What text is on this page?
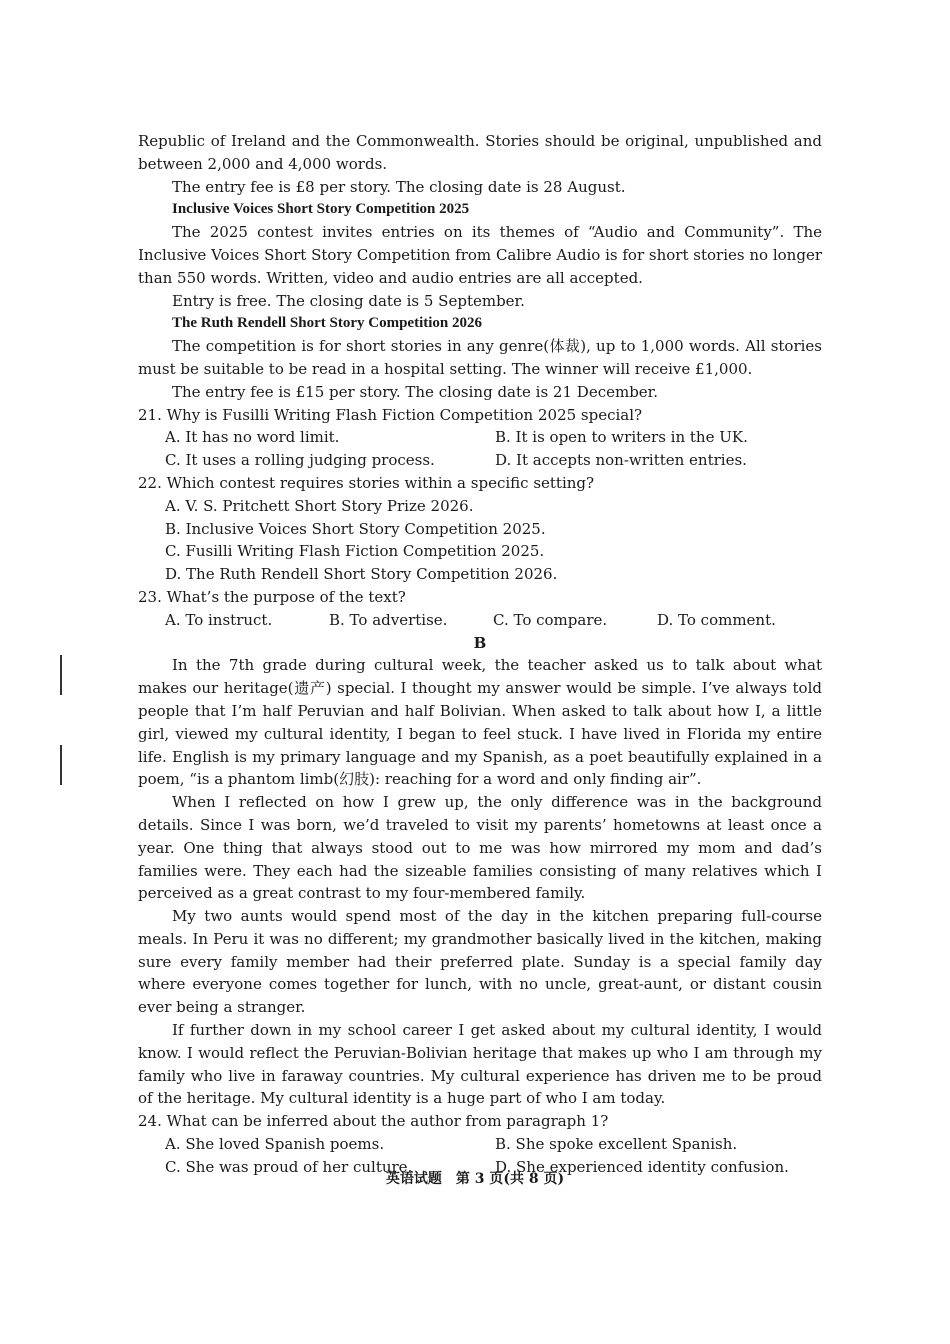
Republic of Ireland and the Commonwealth. Stories should be original, unpublished and between 2,000 and 4,000 words.

The entry fee is £8 per story. The closing date is 28 August.

Inclusive Voices Short Story Competition 2025

The 2025 contest invites entries on its themes of “Audio and Community”. The Inclusive Voices Short Story Competition from Calibre Audio is for short stories no longer than 550 words. Written, video and audio entries are all accepted.

Entry is free. The closing date is 5 September.

The Ruth Rendell Short Story Competition 2026

The competition is for short stories in any genre(体裁), up to 1,000 words. All stories must be suitable to be read in a hospital setting. The winner will receive £1,000.

The entry fee is £15 per story. The closing date is 21 December.

21. Why is Fusilli Writing Flash Fiction Competition 2025 special?

A. It has no word limit.	B. It is open to writers in the UK.
C. It uses a rolling judging process.	D. It accepts non-written entries.

22. Which contest requires stories within a specific setting?

A. V. S. Pritchett Short Story Prize 2026.
B. Inclusive Voices Short Story Competition 2025.
C. Fusilli Writing Flash Fiction Competition 2025.
D. The Ruth Rendell Short Story Competition 2026.

23. What’s the purpose of the text?

A. To instruct.	B. To advertise.	C. To compare.	D. To comment.

B

In the 7th grade during cultural week, the teacher asked us to talk about what makes our heritage(遗产) special. I thought my answer would be simple. I’ve always told people that I’m half Peruvian and half Bolivian. When asked to talk about how I, a little girl, viewed my cultural identity, I began to feel stuck. I have lived in Florida my entire life. English is my primary language and my Spanish, as a poet beautifully explained in a poem, “is a phantom limb(幻肢): reaching for a word and only finding air”.

When I reflected on how I grew up, the only difference was in the background details. Since I was born, we’d traveled to visit my parents’ hometowns at least once a year. One thing that always stood out to me was how mirrored my mom and dad’s families were. They each had the sizeable families consisting of many relatives which I perceived as a great contrast to my four-membered family.

My two aunts would spend most of the day in the kitchen preparing full-course meals. In Peru it was no different; my grandmother basically lived in the kitchen, making sure every family member had their preferred plate. Sunday is a special family day where everyone comes together for lunch, with no uncle, great-aunt, or distant cousin ever being a stranger.

If further down in my school career I get asked about my cultural identity, I would know. I would reflect the Peruvian-Bolivian heritage that makes up who I am through my family who live in faraway countries. My cultural experience has driven me to be proud of the heritage. My cultural identity is a huge part of who I am today.

24. What can be inferred about the author from paragraph 1?

A. She loved Spanish poems.	B. She spoke excellent Spanish.
C. She was proud of her culture.	D. She experienced identity confusion.
英语试题　第 3 页(共 8 页)
